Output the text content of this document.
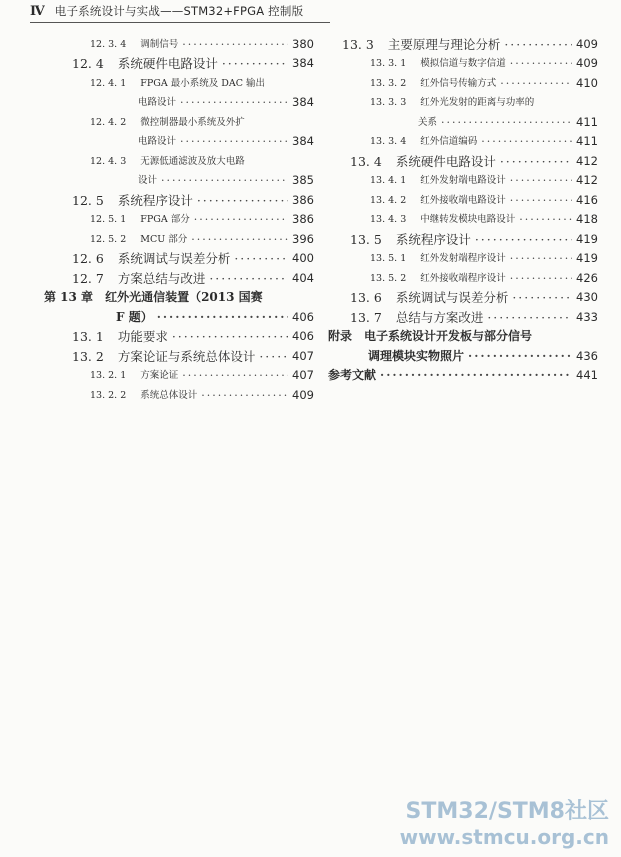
Ⅳ 电子系统设计与实战——STM32+FPGA 控制版
12. 3. 4 调制信号 ·····	380
12. 4 系统硬件电路设计 ·····	384
12. 4. 1 FPGA 最小系统及 DAC 输出
电路设计 ·····	384
12. 4. 2 微控制器最小系统及外扩
电路设计 ·····	384
12. 4. 3 无源低通滤波及放大电路
设计 ·····	385
12. 5 系统程序设计 ·····	386
12. 5. 1 FPGA 部分 ·····	386
12. 5. 2 MCU 部分 ·····	396
12. 6 系统调试与误差分析 ·····	400
12. 7 方案总结与改进 ·····	404
第 13 章 红外光通信装置（2013 国赛
F 题） ·····	406
13. 1 功能要求 ·····	406
13. 2 方案论证与系统总体设计 ·····	407
13. 2. 1 方案论证 ·····	407
13. 2. 2 系统总体设计 ·····	409
13. 3 主要原理与理论分析 ·····	409
13. 3. 1 模拟信道与数字信道 ·····	409
13. 3. 2 红外信号传输方式 ·····	410
13. 3. 3 红外光发射的距离与功率的
关系 ·····	411
13. 3. 4 红外信道编码 ·····	411
13. 4 系统硬件电路设计 ·····	412
13. 4. 1 红外发射端电路设计 ·····	412
13. 4. 2 红外接收端电路设计 ·····	416
13. 4. 3 中继转发模块电路设计 ·····	418
13. 5 系统程序设计 ·····	419
13. 5. 1 红外发射端程序设计 ·····	419
13. 5. 2 红外接收端程序设计 ·····	426
13. 6 系统调试与误差分析 ·····	430
13. 7 总结与方案改进 ·····	433
附录 电子系统设计开发板与部分信号
调理模块实物照片 ·····	436
参考文献 ·····	441
STM32/STM8社区
www.stmcu.org.cn
